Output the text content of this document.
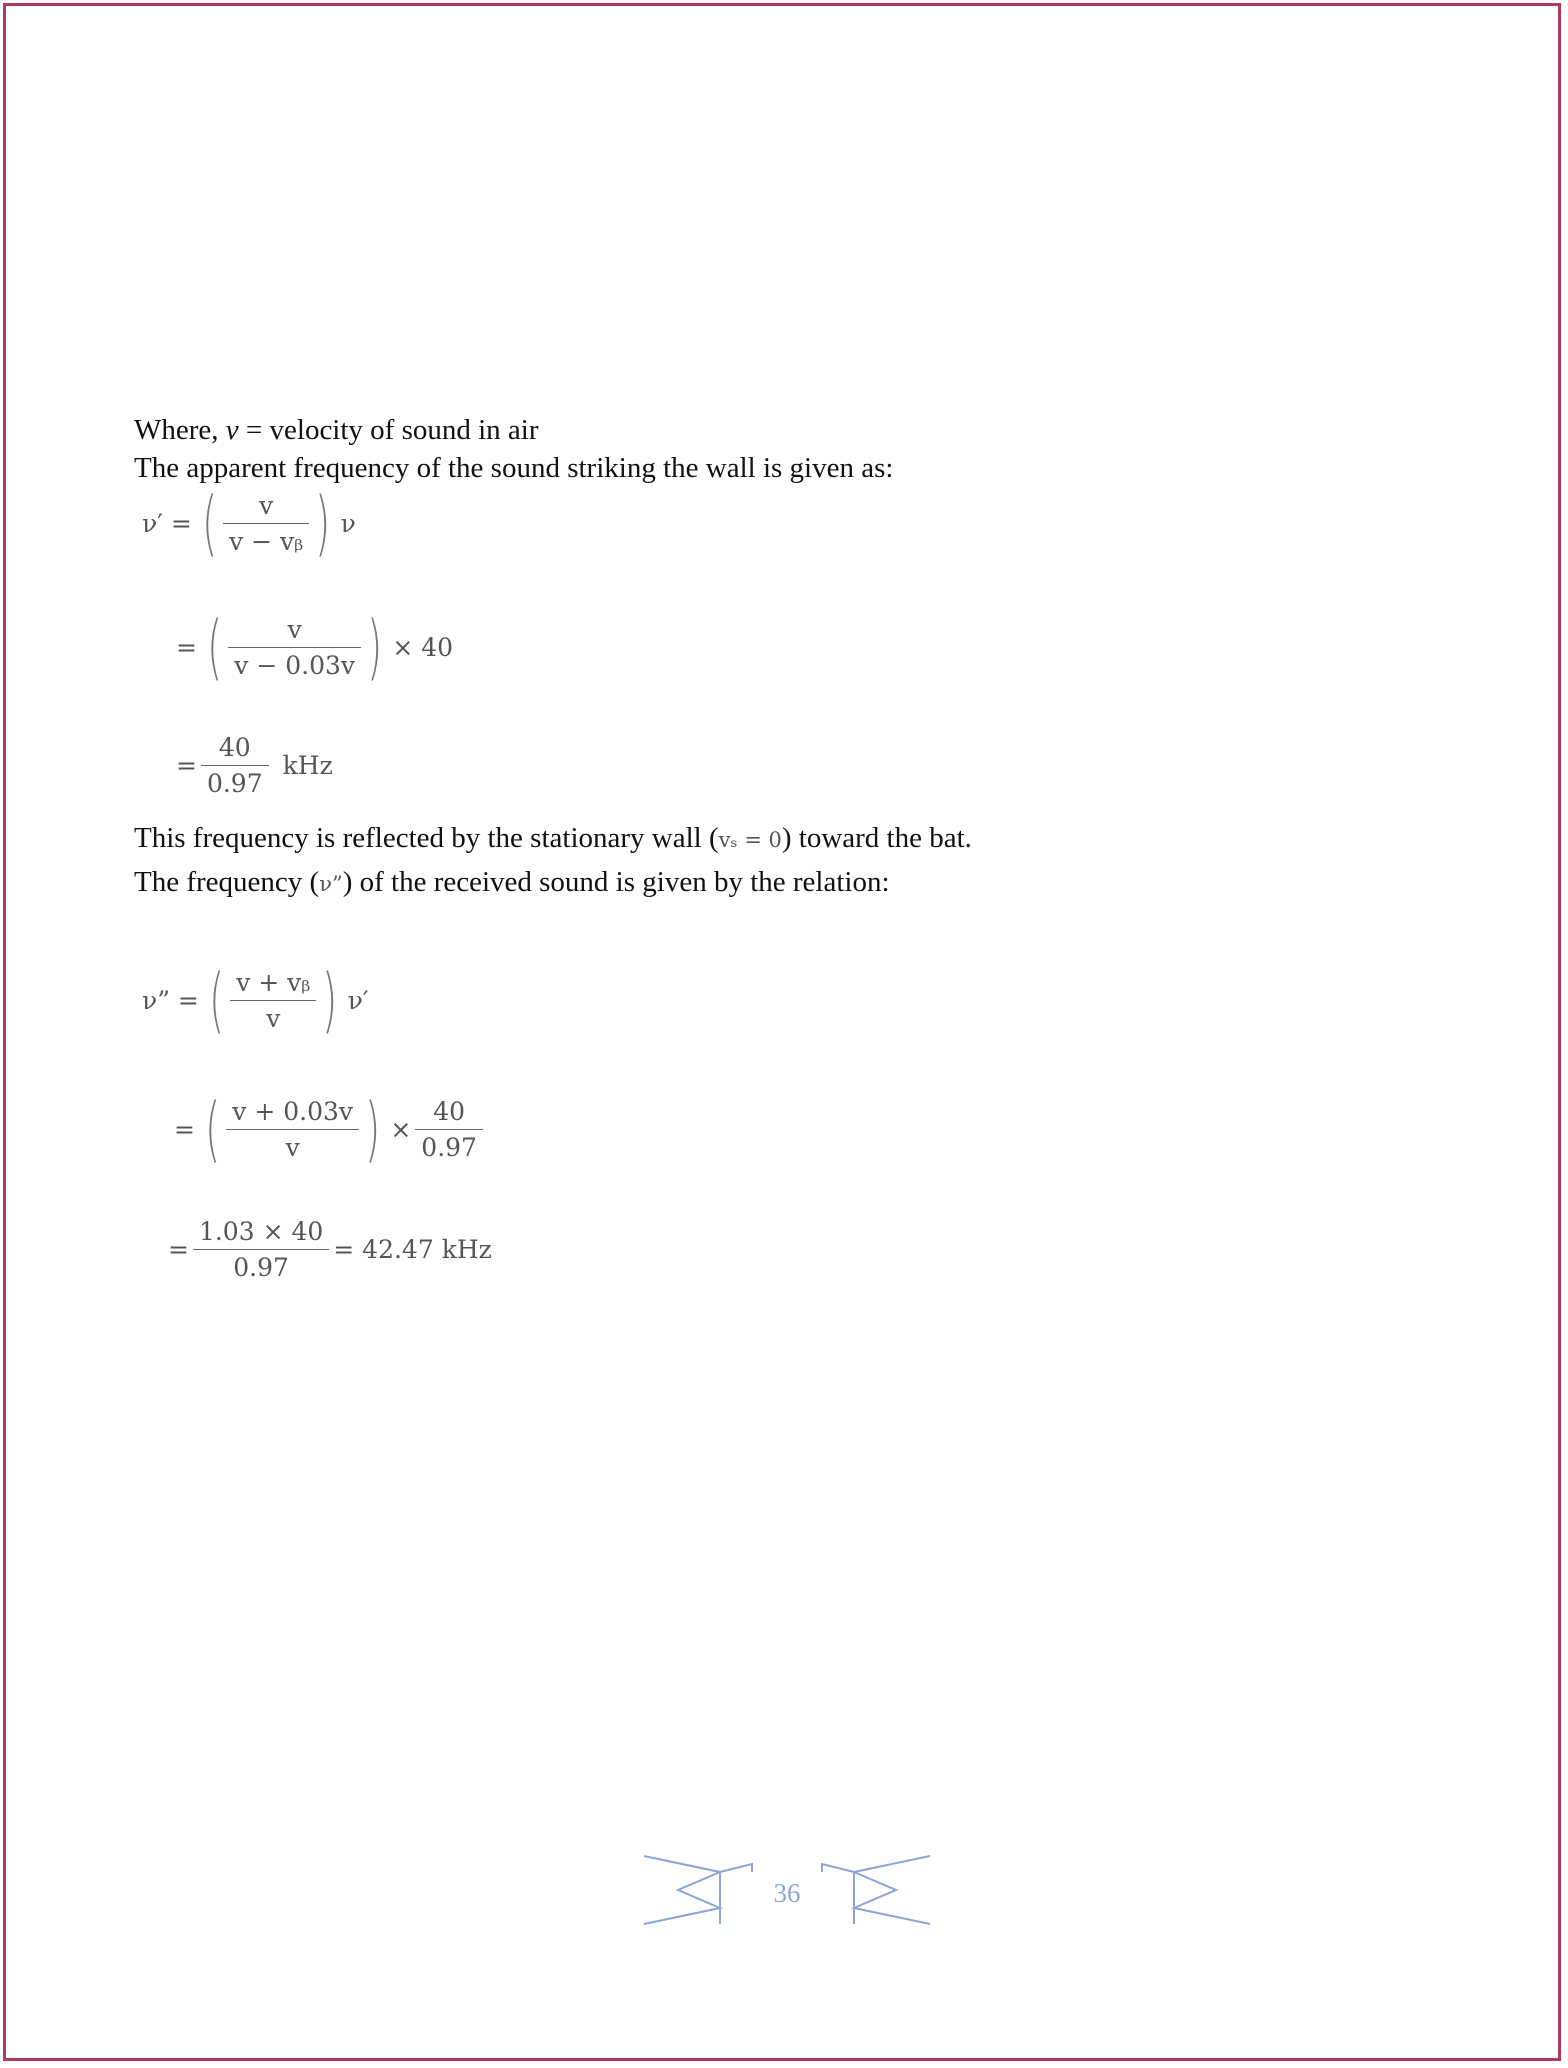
Where, v = velocity of sound in air
The apparent frequency of the sound striking the wall is given as:
ν′ = ( $\frac{v}{\text{v − vᵦ}}$ ) ν
= ( $\frac{v}{v - 0.03v}$ ) × 40
= $\frac{40}{0.97}$ kHz
This frequency is reflected by the stationary wall (vₛ = 0) toward the bat.
The frequency (ν”) of the received sound is given by the relation:
ν” = ( $\frac{\text{v + vᵦ}}{v}$ ) ν′
= ( $\frac{v + 0.03v}{v}$ ) × $\frac{40}{0.97}$
= $\frac{1.03 \times 40}{0.97} = 42.47$ kHz
36
